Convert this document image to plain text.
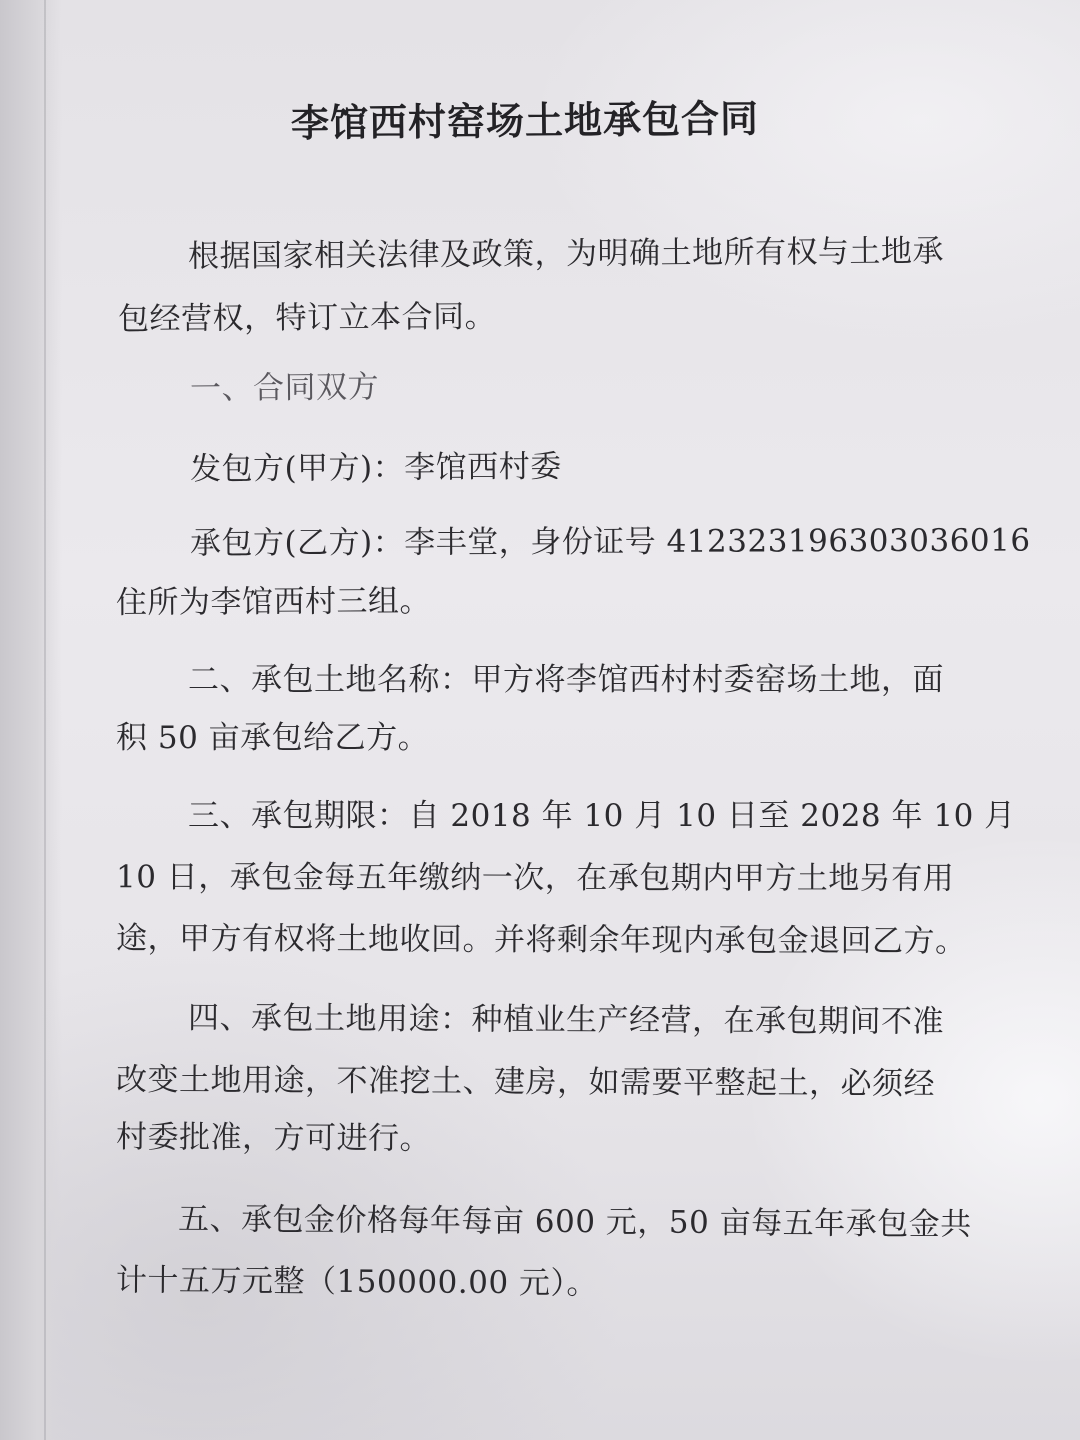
李馆西村窑场土地承包合同
根据国家相关法律及政策，为明确土地所有权与土地承
包经营权，特订立本合同。
一、合同双方
发包方(甲方)：李馆西村委
承包方(乙方)：李丰堂，身份证号 412323196303036016
住所为李馆西村三组。
二、承包土地名称：甲方将李馆西村村委窑场土地，面
积 50 亩承包给乙方。
三、承包期限：自 2018 年 10 月 10 日至 2028 年 10 月
10 日，承包金每五年缴纳一次，在承包期内甲方土地另有用
途，甲方有权将土地收回。并将剩余年现内承包金退回乙方。
四、承包土地用途：种植业生产经营，在承包期间不准
改变土地用途，不准挖土、建房，如需要平整起土，必须经
村委批准，方可进行。
五、承包金价格每年每亩 600 元，50 亩每五年承包金共
计十五万元整（150000.00 元）。
